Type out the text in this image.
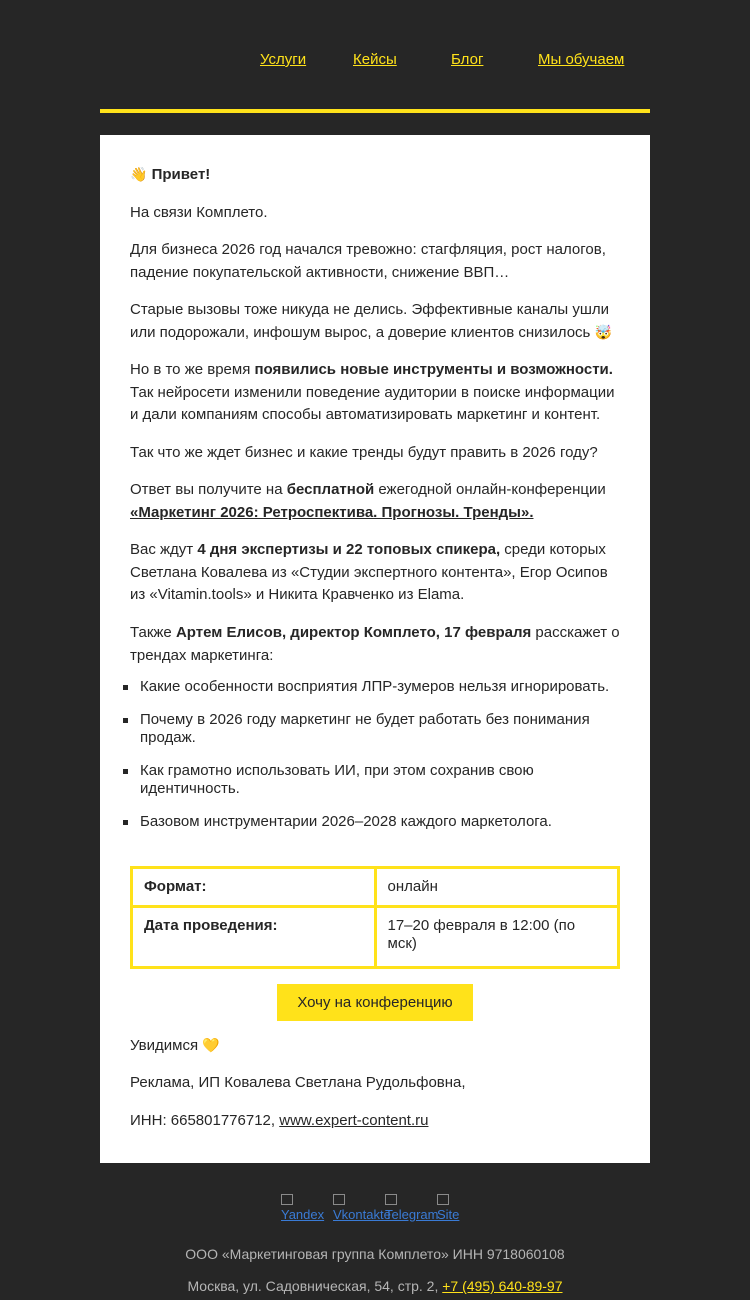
Услуги	Кейсы	Блог	Мы обучаем

👋 Привет!

На связи Комплето.

Для бизнеса 2026 год начался тревожно: стагфляция, рост налогов, падение покупательской активности, снижение ВВП…

Старые вызовы тоже никуда не делись. Эффективные каналы ушли или подорожали, инфошум вырос, а доверие клиентов снизилось 🤯

Но в то же время появились новые инструменты и возможности. Так нейросети изменили поведение аудитории в поиске информации и дали компаниям способы автоматизировать маркетинг и контент.

Так что же ждет бизнес и какие тренды будут править в 2026 году?

Ответ вы получите на бесплатной ежегодной онлайн-конференции «Маркетинг 2026: Ретроспектива. Прогнозы. Тренды».

Вас ждут 4 дня экспертизы и 22 топовых спикера, среди которых Светлана Ковалева из «Студии экспертного контента», Егор Осипов из «Vitamin.tools» и Никита Кравченко из Elama.

Также Артем Елисов, директор Комплето, 17 февраля расскажет о трендах маркетинга:

Какие особенности восприятия ЛПР-зумеров нельзя игнорировать.
Почему в 2026 году маркетинг не будет работать без понимания продаж.
Как грамотно использовать ИИ, при этом сохранив свою идентичность.
Базовом инструментарии 2026–2028 каждого маркетолога.
Формат:	онлайн
Дата проведения:	17–20 февраля в 12:00 (по мск)
Хочу на конференцию

Увидимся 💛

Реклама, ИП Ковалева Светлана Рудольфовна,

ИНН: 665801776712, www.expert-content.ru

Yandex Vkontakte
Telegram
Site
ООО «Маркетинговая группа Комплето» ИНН 9718060108
Москва, ул. Садовническая, 54, стр. 2, +7 (495) 640-89-97
